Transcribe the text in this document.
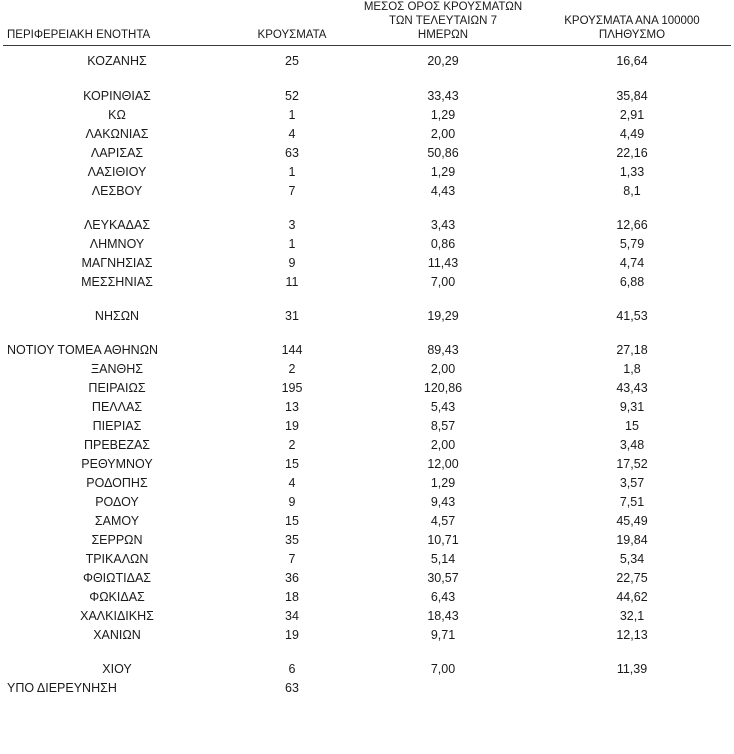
ΠΕΡΙΦΕΡΕΙΑΚΗ ΕΝΟΤΗΤΑ	ΚΡΟΥΣΜΑΤΑ	ΜΕΣΟΣ ΟΡΟΣ ΚΡΟΥΣΜΑΤΩΝ
ΤΩΝ ΤΕΛΕΥΤΑΙΩΝ 7
ΗΜΕΡΩΝ	ΚΡΟΥΣΜΑΤΑ ΑΝΑ 100000
ΠΛΗΘΥΣΜΟ

ΚΟΖΑΝΗΣ	25	20,29	16,64

ΚΟΡΙΝΘΙΑΣ	52	33,43	35,84
ΚΩ	1	1,29	2,91
ΛΑΚΩΝΙΑΣ	4	2,00	4,49
ΛΑΡΙΣΑΣ	63	50,86	22,16
ΛΑΣΙΘΙΟΥ	1	1,29	1,33
ΛΕΣΒΟΥ	7	4,43	8,1

ΛΕΥΚΑΔΑΣ	3	3,43	12,66
ΛΗΜΝΟΥ	1	0,86	5,79
ΜΑΓΝΗΣΙΑΣ	9	11,43	4,74
ΜΕΣΣΗΝΙΑΣ	11	7,00	6,88

ΝΗΣΩΝ	31	19,29	41,53

ΝΟΤΙΟΥ ΤΟΜΕΑ ΑΘΗΝΩΝ	144	89,43	27,18
ΞΑΝΘΗΣ	2	2,00	1,8
ΠΕΙΡΑΙΩΣ	195	120,86	43,43
ΠΕΛΛΑΣ	13	5,43	9,31
ΠΙΕΡΙΑΣ	19	8,57	15
ΠΡΕΒΕΖΑΣ	2	2,00	3,48
ΡΕΘΥΜΝΟΥ	15	12,00	17,52
ΡΟΔΟΠΗΣ	4	1,29	3,57
ΡΟΔΟΥ	9	9,43	7,51
ΣΑΜΟΥ	15	4,57	45,49
ΣΕΡΡΩΝ	35	10,71	19,84
ΤΡΙΚΑΛΩΝ	7	5,14	5,34
ΦΘΙΩΤΙΔΑΣ	36	30,57	22,75
ΦΩΚΙΔΑΣ	18	6,43	44,62
ΧΑΛΚΙΔΙΚΗΣ	34	18,43	32,1
ΧΑΝΙΩΝ	19	9,71	12,13

ΧΙΟΥ	6	7,00	11,39
ΥΠΟ ΔΙΕΡΕΥΝΗΣΗ	63		
